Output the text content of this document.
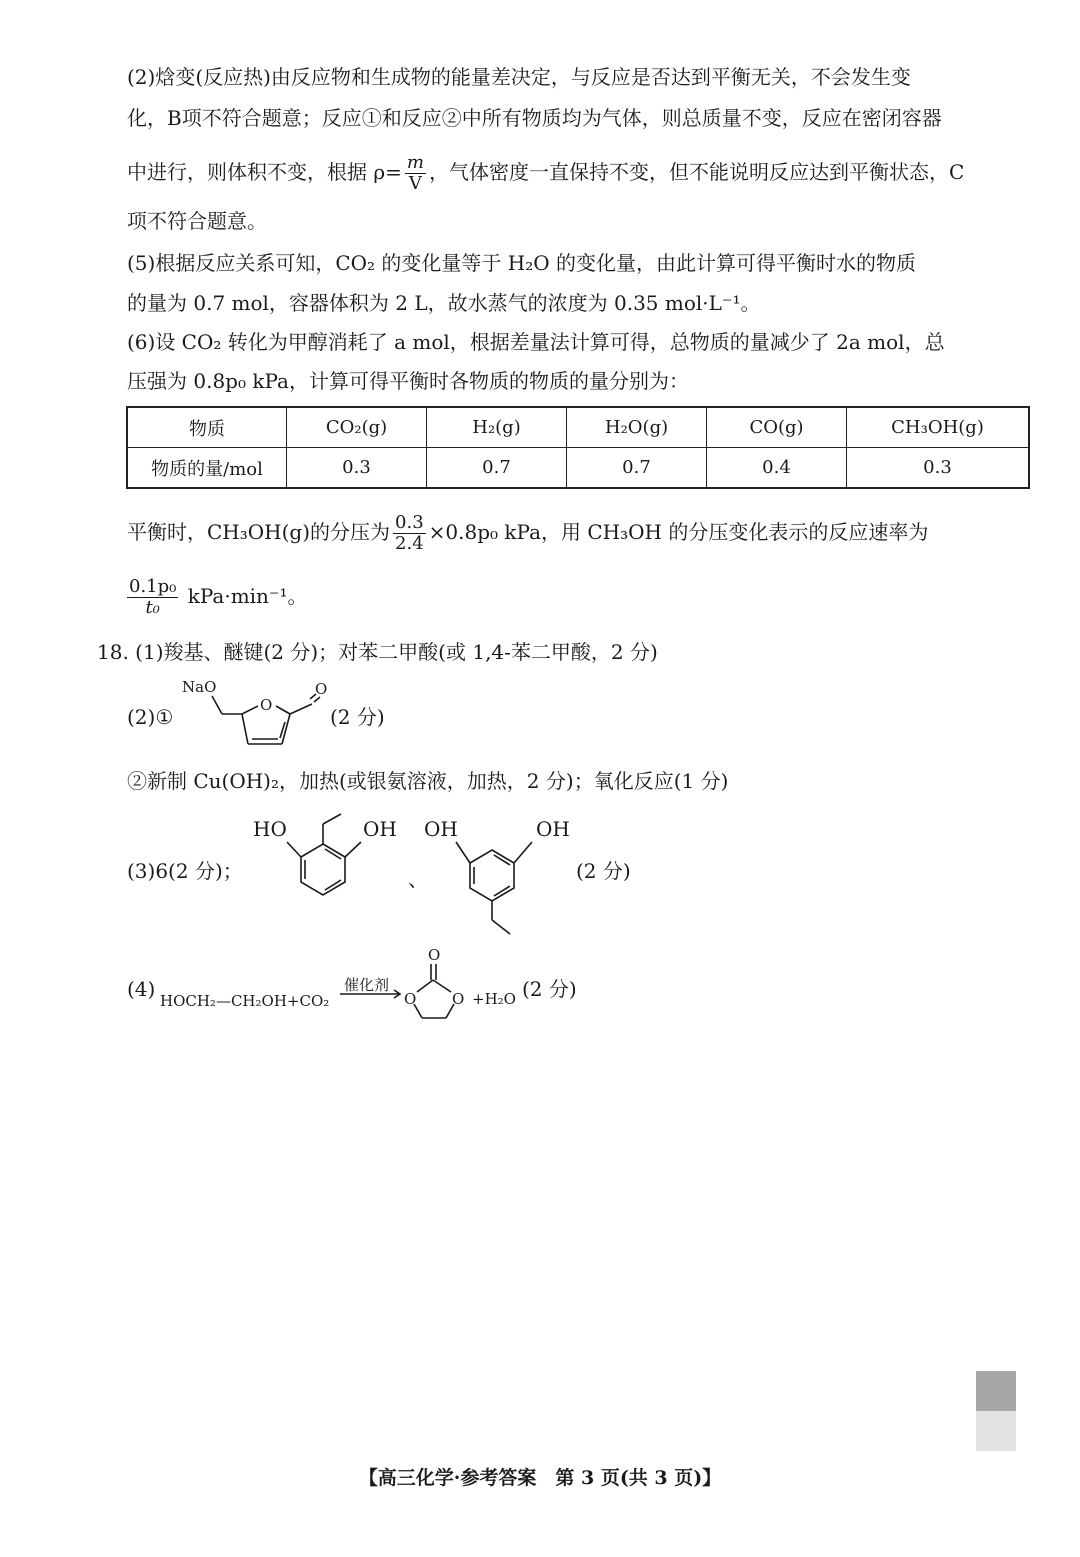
(2)焓变(反应热)由反应物和生成物的能量差决定，与反应是否达到平衡无关，不会发生变
化，B项不符合题意；反应①和反应②中所有物质均为气体，则总质量不变，反应在密闭容器
中进行，则体积不变，根据 $\rho= \frac{m}{V}$ ，气体密度一直保持不变，但不能说明反应达到平衡状态，C
项不符合题意。
(5)根据反应关系可知，CO₂ 的变化量等于 H₂O 的变化量，由此计算可得平衡时水的物质
的量为 0.7 mol，容器体积为 2 L，故水蒸气的浓度为 0.35 mol·L⁻¹。
(6)设 CO₂ 转化为甲醇消耗了 a mol，根据差量法计算可得，总物质的量减少了 2a mol，总
压强为 0.8p₀ kPa，计算可得平衡时各物质的物质的量分别为：
物质	CO₂(g)	H₂(g)	H₂O(g)	CO(g)	CH₃OH(g)
物质的量/mol	0.3	0.7	0.7	0.4	0.3
平衡时，CH₃OH(g)的分压为 $\frac{0.3}{2.4} \times 0.8p_0$ kPa，用 CH₃OH 的分压变化表示的反应速率为
$\frac{\text{0.1p₀}}{\text{t₀}} kPa\cdot\min^{-1}$。
18. (1)羧基、醚键(2 分)；对苯二甲酸(或 1,4-苯二甲酸，2 分)
(2)①
NaO
O
O
(2 分)
②新制 Cu(OH)₂，加热(或银氨溶液，加热，2 分)；氧化反应(1 分)
(3)6(2 分)；
HO	OH
、
OH	OH
(2 分)
(4) HOCH₂—CH₂OH+CO₂
催化剂
O O
O
+H₂O (2 分)
【高三化学·参考答案　第 3 页(共 3 页)】
